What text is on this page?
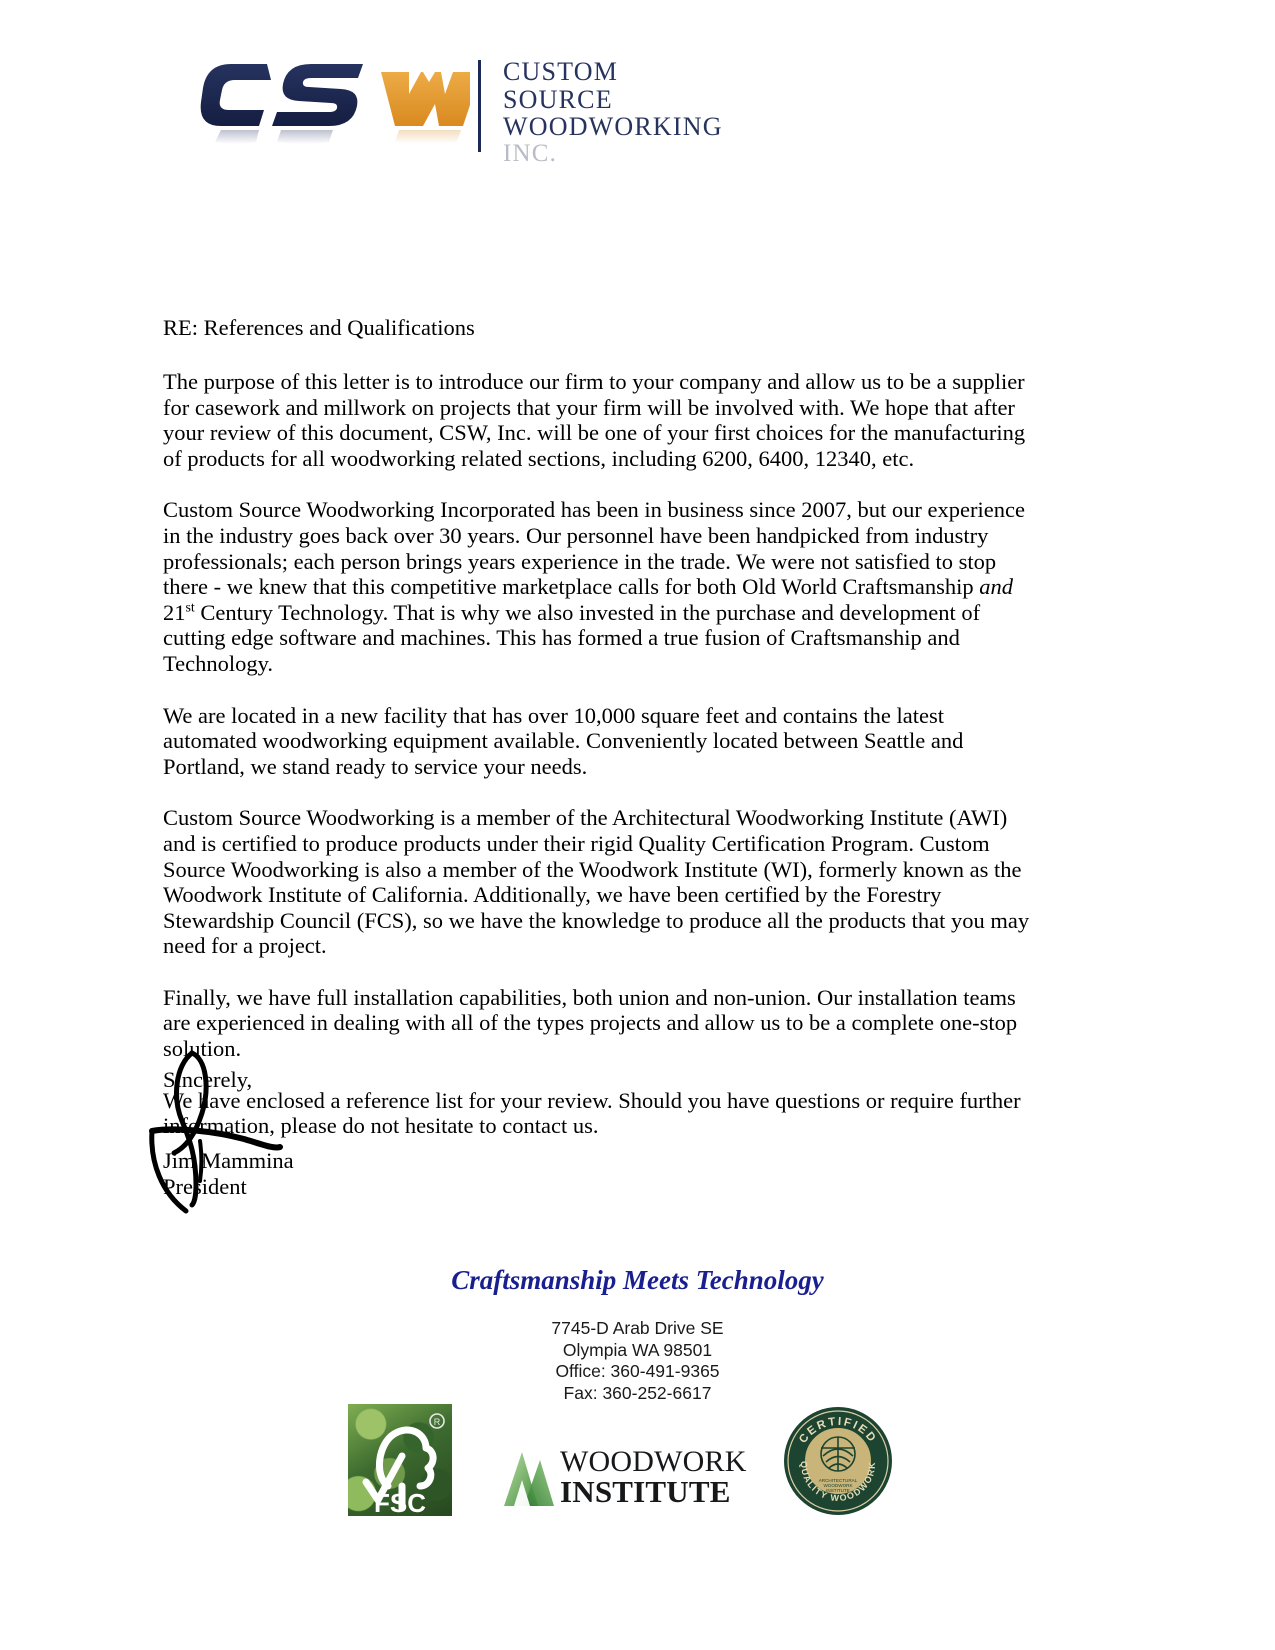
CUSTOM
SOURCE
WOODWORKING
INC.

RE: References and Qualifications

The purpose of this letter is to introduce our firm to your company and allow us to be a supplier for casework and millwork on projects that your firm will be involved with. We hope that after your review of this document, CSW, Inc. will be one of your first choices for the manufacturing of products for all woodworking related sections, including 6200, 6400, 12340, etc.

Custom Source Woodworking Incorporated has been in business since 2007, but our experience in the industry goes back over 30 years. Our personnel have been handpicked from industry professionals; each person brings years experience in the trade. We were not satisfied to stop there - we knew that this competitive marketplace calls for both Old World Craftsmanship and 21st Century Technology. That is why we also invested in the purchase and development of cutting edge software and machines. This has formed a true fusion of Craftsmanship and Technology.

We are located in a new facility that has over 10,000 square feet and contains the latest automated woodworking equipment available. Conveniently located between Seattle and Portland, we stand ready to service your needs.

Custom Source Woodworking is a member of the Architectural Woodworking Institute (AWI) and is certified to produce products under their rigid Quality Certification Program. Custom Source Woodworking is also a member of the Woodwork Institute (WI), formerly known as the Woodwork Institute of California. Additionally, we have been certified by the Forestry Stewardship Council (FCS), so we have the knowledge to produce all the products that you may need for a project.

Finally, we have full installation capabilities, both union and non-union. Our installation teams are experienced in dealing with all of the types projects and allow us to be a complete one-stop solution.

We have enclosed a reference list for your review. Should you have questions or require further information, please do not hesitate to contact us.

Sincerely,
Jim Mammina
President
Craftsmanship Meets Technology
7745-D Arab Drive SE
Olympia WA 98501
Office: 360-491-9365
Fax: 360-252-6617
R
FSC
WOODWORK
INSTITUTE	ARCHITECTURAL
WOODWORK
INSTITUTE
CERTIFIED
QUALITY WOODWORK
